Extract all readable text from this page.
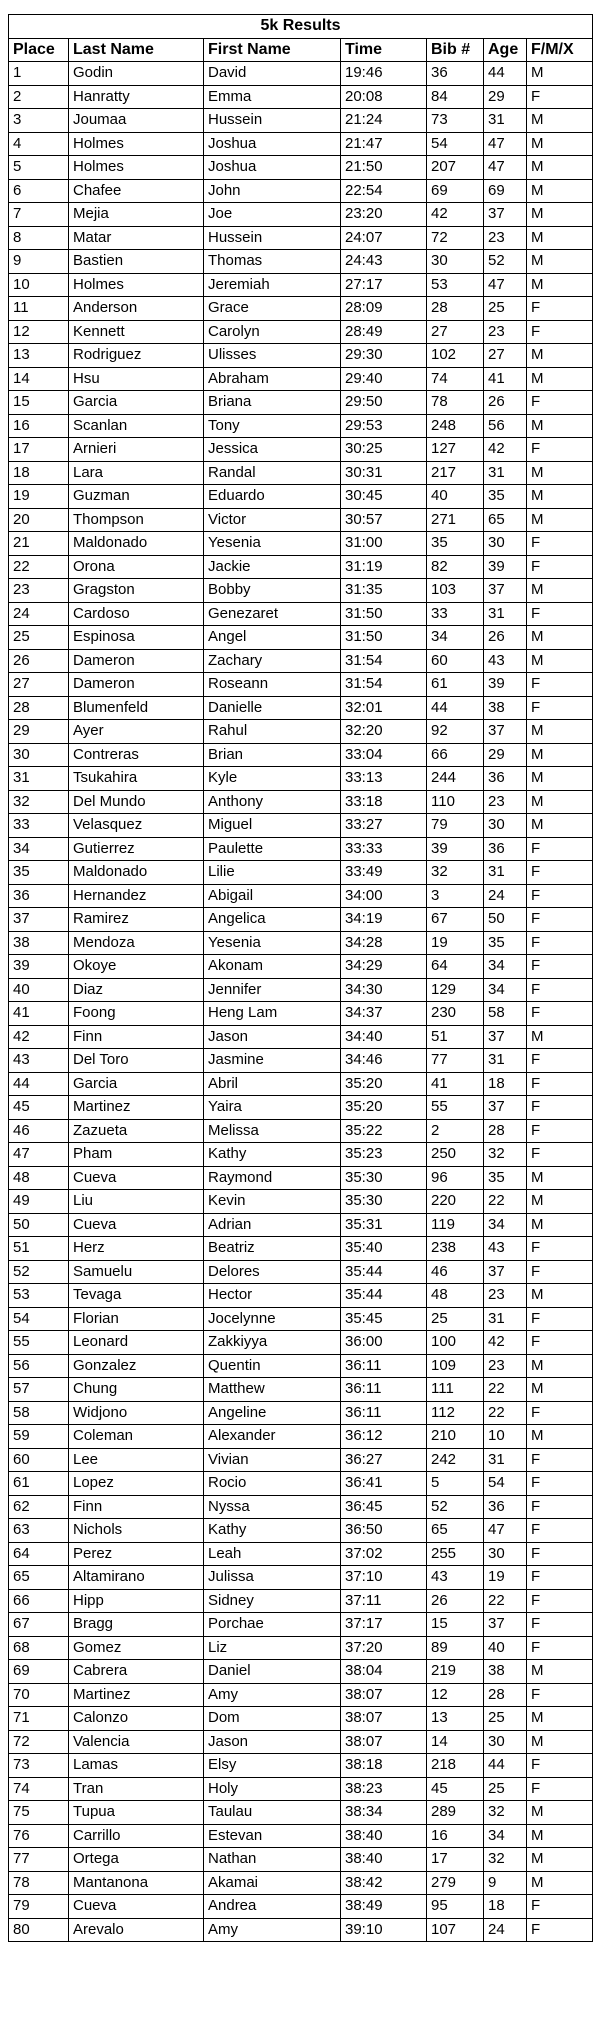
5k Results						
Place	Last Name	First Name	Time	Bib #	Age	F/M/X
1	Godin	David	19:46	36	44	M
2	Hanratty	Emma	20:08	84	29	F
3	Joumaa	Hussein	21:24	73	31	M
4	Holmes	Joshua	21:47	54	47	M
5	Holmes	Joshua	21:50	207	47	M
6	Chafee	John	22:54	69	69	M
7	Mejia	Joe	23:20	42	37	M
8	Matar	Hussein	24:07	72	23	M
9	Bastien	Thomas	24:43	30	52	M
10	Holmes	Jeremiah	27:17	53	47	M
11	Anderson	Grace	28:09	28	25	F
12	Kennett	Carolyn	28:49	27	23	F
13	Rodriguez	Ulisses	29:30	102	27	M
14	Hsu	Abraham	29:40	74	41	M
15	Garcia	Briana	29:50	78	26	F
16	Scanlan	Tony	29:53	248	56	M
17	Arnieri	Jessica	30:25	127	42	F
18	Lara	Randal	30:31	217	31	M
19	Guzman	Eduardo	30:45	40	35	M
20	Thompson	Victor	30:57	271	65	M
21	Maldonado	Yesenia	31:00	35	30	F
22	Orona	Jackie	31:19	82	39	F
23	Gragston	Bobby	31:35	103	37	M
24	Cardoso	Genezaret	31:50	33	31	F
25	Espinosa	Angel	31:50	34	26	M
26	Dameron	Zachary	31:54	60	43	M
27	Dameron	Roseann	31:54	61	39	F
28	Blumenfeld	Danielle	32:01	44	38	F
29	Ayer	Rahul	32:20	92	37	M
30	Contreras	Brian	33:04	66	29	M
31	Tsukahira	Kyle	33:13	244	36	M
32	Del Mundo	Anthony	33:18	110	23	M
33	Velasquez	Miguel	33:27	79	30	M
34	Gutierrez	Paulette	33:33	39	36	F
35	Maldonado	Lilie	33:49	32	31	F
36	Hernandez	Abigail	34:00	3	24	F
37	Ramirez	Angelica	34:19	67	50	F
38	Mendoza	Yesenia	34:28	19	35	F
39	Okoye	Akonam	34:29	64	34	F
40	Diaz	Jennifer	34:30	129	34	F
41	Foong	Heng Lam	34:37	230	58	F
42	Finn	Jason	34:40	51	37	M
43	Del Toro	Jasmine	34:46	77	31	F
44	Garcia	Abril	35:20	41	18	F
45	Martinez	Yaira	35:20	55	37	F
46	Zazueta	Melissa	35:22	2	28	F
47	Pham	Kathy	35:23	250	32	F
48	Cueva	Raymond	35:30	96	35	M
49	Liu	Kevin	35:30	220	22	M
50	Cueva	Adrian	35:31	119	34	M
51	Herz	Beatriz	35:40	238	43	F
52	Samuelu	Delores	35:44	46	37	F
53	Tevaga	Hector	35:44	48	23	M
54	Florian	Jocelynne	35:45	25	31	F
55	Leonard	Zakkiyya	36:00	100	42	F
56	Gonzalez	Quentin	36:11	109	23	M
57	Chung	Matthew	36:11	111	22	M
58	Widjono	Angeline	36:11	112	22	F
59	Coleman	Alexander	36:12	210	10	M
60	Lee	Vivian	36:27	242	31	F
61	Lopez	Rocio	36:41	5	54	F
62	Finn	Nyssa	36:45	52	36	F
63	Nichols	Kathy	36:50	65	47	F
64	Perez	Leah	37:02	255	30	F
65	Altamirano	Julissa	37:10	43	19	F
66	Hipp	Sidney	37:11	26	22	F
67	Bragg	Porchae	37:17	15	37	F
68	Gomez	Liz	37:20	89	40	F
69	Cabrera	Daniel	38:04	219	38	M
70	Martinez	Amy	38:07	12	28	F
71	Calonzo	Dom	38:07	13	25	M
72	Valencia	Jason	38:07	14	30	M
73	Lamas	Elsy	38:18	218	44	F
74	Tran	Holy	38:23	45	25	F
75	Tupua	Taulau	38:34	289	32	M
76	Carrillo	Estevan	38:40	16	34	M
77	Ortega	Nathan	38:40	17	32	M
78	Mantanona	Akamai	38:42	279	9	M
79	Cueva	Andrea	38:49	95	18	F
80	Arevalo	Amy	39:10	107	24	F
